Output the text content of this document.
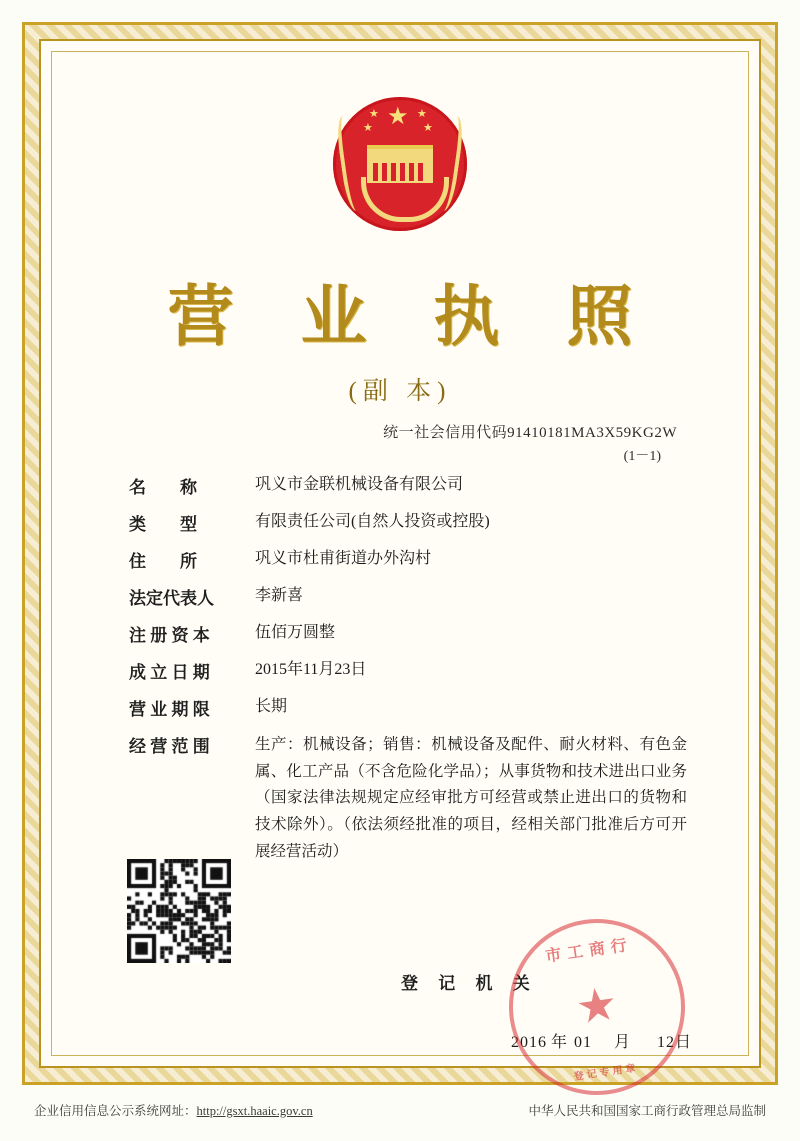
★
★
★
★
★
营 业 执 照
(副 本)
统一社会信用代码91410181MA3X59KG2W
(1－1)
名　　称	巩义市金联机械设备有限公司
类　　型	有限责任公司(自然人投资或控股)
住　　所	巩义市杜甫街道办外沟村
法定代表人	李新喜
注 册 资 本	伍佰万圆整
成 立 日 期	2015年11月23日
营 业 期 限	长期
经 营 范 围	生产：机械设备；销售：机械设备及配件、耐火材料、有色金属、化工产品（不含危险化学品）；从事货物和技术进出口业务（国家法律法规规定应经审批方可经营或禁止进出口的货物和技术除外）。（依法须经批准的项目，经相关部门批准后方可开展经营活动）
登 记 机 关
2016 年 01 月 12日
市工商行
★
登记专用章
企业信用信息公示系统网址：http://gsxt.haaic.gov.cn	中华人民共和国国家工商行政管理总局监制
